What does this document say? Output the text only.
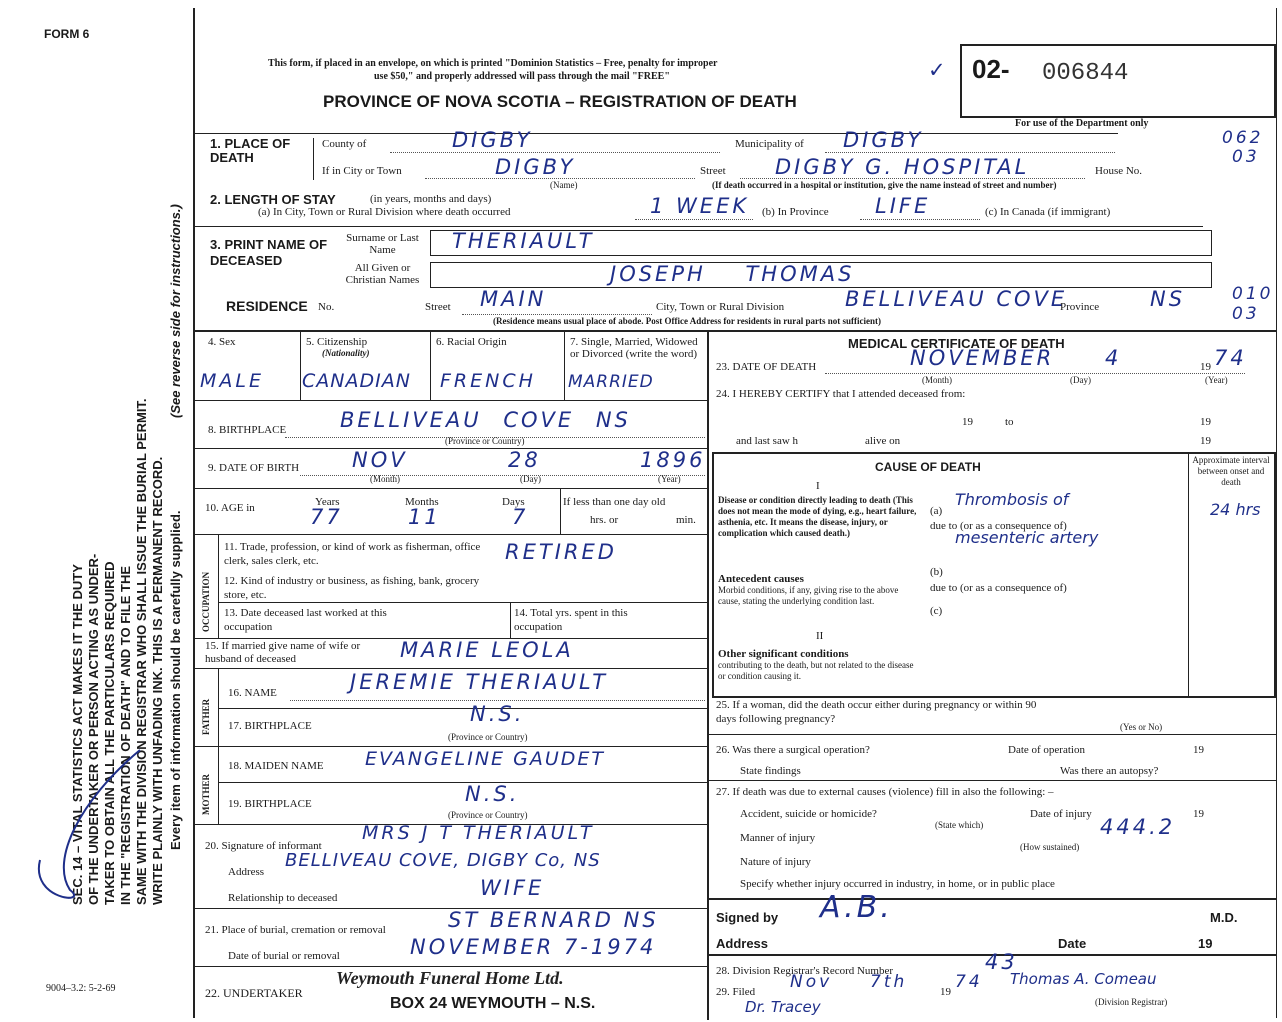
FORM 6
This form, if placed in an envelope, on which is printed "Dominion Statistics – Free, penalty for improper
use $50," and properly addressed will pass through the mail "FREE"
PROVINCE OF NOVA SCOTIA – REGISTRATION OF DEATH
02- 006844
✓
For use of the Department only
062
03
010
03
SEC. 14 – VITAL STATISTICS ACT MAKES IT THE DUTY OF THE UNDERTAKER OR PERSON ACTING AS UNDER- TAKER TO OBTAIN ALL THE PARTICULARS REQUIRED IN THE "REGISTRATION OF DEATH" AND TO FILE THE SAME WITH THE DIVISION REGISTRAR WHO SHALL ISSUE THE BURIAL PERMIT. WRITE PLAINLY WITH UNFADING INK. THIS IS A PERMANENT RECORD. Every item of information should be carefully supplied.
(See reverse side for instructions.)
9004–3.2: 5-2-69
1. PLACE OF DEATH
County of	DIGBY	Municipality of DIGBY
If in City or Town	DIGBY
(Name)
Street DIGBY G. HOSPITAL	House No.
(If death occurred in a hospital or institution, give the name instead of street and number)
2. LENGTH OF STAY	(in years, months and days)
(a) In City, Town or Rural Division where death occurred	1 WEEK (b) In Province LIFE	(c) In Canada (if immigrant)
3. PRINT NAME OF DECEASED
Surname or Last Name	THERIAULT
All Given or Christian Names	JOSEPH THOMAS
RESIDENCE No.	Street MAIN	City, Town or Rural Division	BELLIVEAU COVE
Province NS
(Residence means usual place of abode. Post Office Address for residents in rural parts not sufficient)
4. Sex
MALE
5. Citizenship
(Nationality)
CANADIAN
6. Racial Origin
FRENCH
7. Single, Married, Widowed or Divorced (write the word)
MARRIED
8. BIRTHPLACE	BELLIVEAU COVE NS
(Province or Country)
9. DATE OF BIRTH	NOV	28	1896
(Month)	(Day)	(Year)
10. AGE in	Years	Months	Days
77	11	7
If less than one day old
hrs. or	min.
OCCUPATION
11. Trade, profession, or kind of work as fisherman, office clerk, sales clerk, etc.	RETIRED
12. Kind of industry or business, as fishing, bank, grocery store, etc.
13. Date deceased last worked at this occupation
14. Total yrs. spent in this occupation
15. If married give name of wife or husband of deceased	MARIE LEOLA
FATHER
16. NAME	JEREMIE THERIAULT
17. BIRTHPLACE	N.S.
(Province or Country)
MOTHER
18. MAIDEN NAME EVANGELINE GAUDET
19. BIRTHPLACE	N.S.
(Province or Country)
20. Signature of informant
MRS J T THERIAULT
Address
BELLIVEAU COVE, DIGBY Co, NS
Relationship to deceased	WIFE
21. Place of burial, cremation or removal	ST BERNARD NS
Date of burial or removal	NOVEMBER 7-1974
22. UNDERTAKER
Weymouth Funeral Home Ltd.
BOX 24 WEYMOUTH – N.S.
MEDICAL CERTIFICATE OF DEATH
23. DATE OF DEATH	NOVEMBER 4	19 74
(Month)	(Day)	(Year)
24. I HEREBY CERTIFY that I attended deceased from:
19	to	19
and last saw h	alive on	19
CAUSE OF DEATH	Approximate interval between onset and death
I
Disease or condition directly leading to death (This does not mean the mode of dying, e.g., heart failure, asthenia, etc. It means the disease, injury, or complication which caused death.)
(a)
Thrombosis of
due to (or as a consequence of)
mesenteric artery
24 hrs
Antecedent causes
Morbid conditions, if any, giving rise to the above cause, stating the underlying condition last.
(b)
due to (or as a consequence of)
(c)
II
Other significant conditions
contributing to the death, but not related to the disease or condition causing it.
25. If a woman, did the death occur either during pregnancy or within 90 days following pregnancy?
(Yes or No)
26. Was there a surgical operation?	Date of operation	19
State findings	Was there an autopsy?
27. If death was due to external causes (violence) fill in also the following: –
Accident, suicide or homicide?	Date of injury	19
(State which)
Manner of injury	444.2
(How sustained)
Nature of injury
Specify whether injury occurred in industry, in home, or in public place
Signed by A.B.	M.D.
Address	Date	19
28. Division Registrar's Record Number	43
29. Filed Nov 7th	19 74 Thomas A. Comeau
(Division Registrar)
Dr. Tracey
